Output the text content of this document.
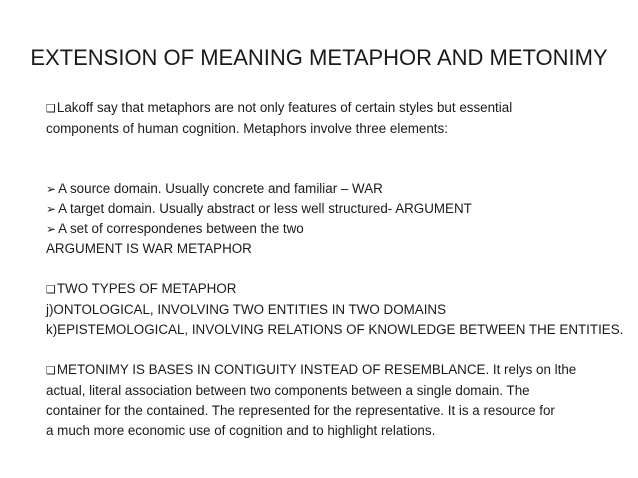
EXTENSION OF MEANING METAPHOR AND METONIMY
❑Lakoff say that metaphors are not only features of certain styles but essential
components of human cognition. Metaphors involve three elements:
➢ A source domain. Usually concrete and familiar – WAR
➢ A target domain. Usually abstract or less well structured- ARGUMENT
➢ A set of correspondenes between the two
ARGUMENT IS WAR METAPHOR
❑TWO TYPES OF METAPHOR
j)ONTOLOGICAL, INVOLVING TWO ENTITIES IN TWO DOMAINS
k)EPISTEMOLOGICAL, INVOLVING RELATIONS OF KNOWLEDGE BETWEEN THE ENTITIES.
❑METONIMY IS BASES IN CONTIGUITY INSTEAD OF RESEMBLANCE. It relys on lthe
actual, literal association between two components between a single domain. The
container for the contained. The represented for the representative. It is a resource for
a much more economic use of cognition and to highlight relations.
